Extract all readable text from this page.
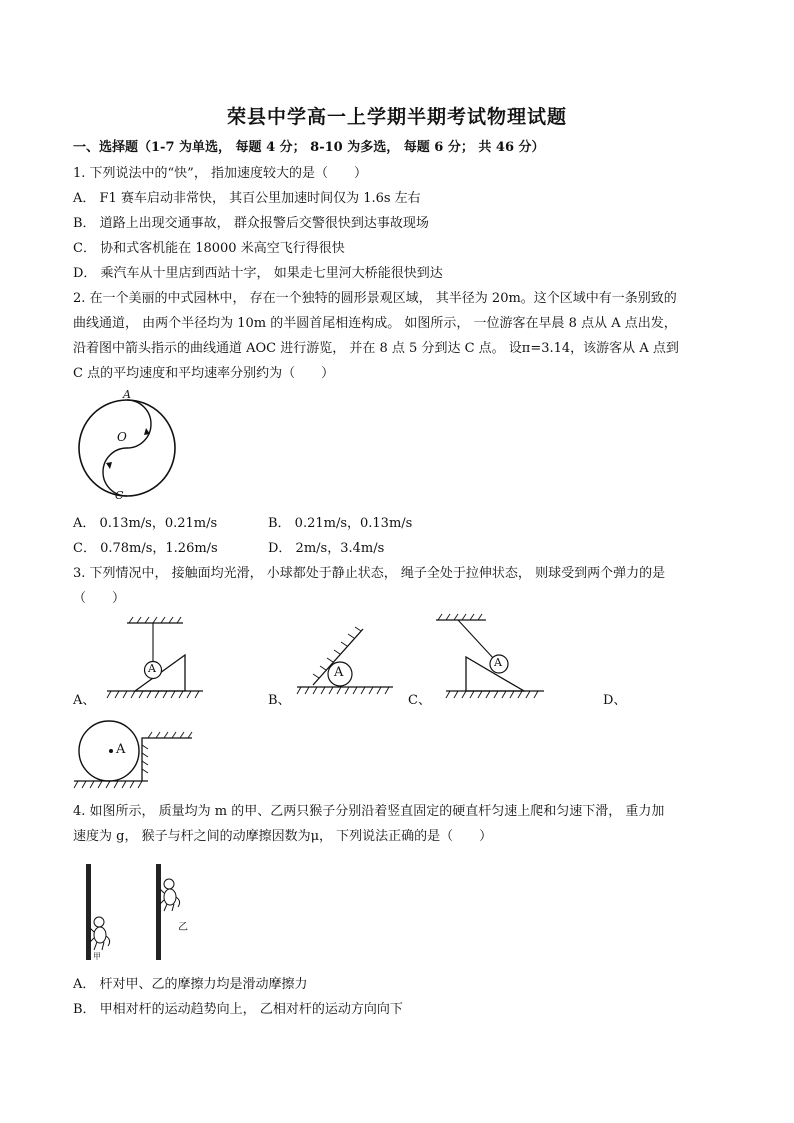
荣县中学高一上学期半期考试物理试题
一、选择题（1-7 为单选， 每题 4 分； 8-10 为多选， 每题 6 分； 共 46 分）
1. 下列说法中的“快”， 指加速度较大的是（　　）
A． F1 赛车启动非常快， 其百公里加速时间仅为 1.6s 左右
B． 道路上出现交通事故， 群众报警后交警很快到达事故现场
C． 协和式客机能在 18000 米高空飞行得很快
D． 乘汽车从十里店到西站十字， 如果走七里河大桥能很快到达
2. 在一个美丽的中式园林中， 存在一个独特的圆形景观区域， 其半径为 20m。这个区域中有一条别致的
曲线通道， 由两个半径均为 10m 的半圆首尾相连构成。 如图所示， 一位游客在早晨 8 点从 A 点出发，
沿着图中箭头指示的曲线通道 AOC 进行游览， 并在 8 点 5 分到达 C 点。 设π=3.14，该游客从 A 点到
C 点的平均速度和平均速率分别约为（　　）
A
O
C
A． 0.13m/s，0.21m/s	B． 0.21m/s，0.13m/s
C． 0.78m/s，1.26m/s	D． 2m/s，3.4m/s
3. 下列情况中， 接触面均光滑， 小球都处于静止状态， 绳子全处于拉伸状态， 则球受到两个弹力的是
（　　）
A	A
A
A、	B、	C、	D、
A
4. 如图所示， 质量均为 m 的甲、乙两只猴子分别沿着竖直固定的硬直杆匀速上爬和匀速下滑， 重力加
速度为 g， 猴子与杆之间的动摩擦因数为μ， 下列说法正确的是（　　）
甲
乙
A． 杆对甲、乙的摩擦力均是滑动摩擦力
B． 甲相对杆的运动趋势向上， 乙相对杆的运动方向向下
